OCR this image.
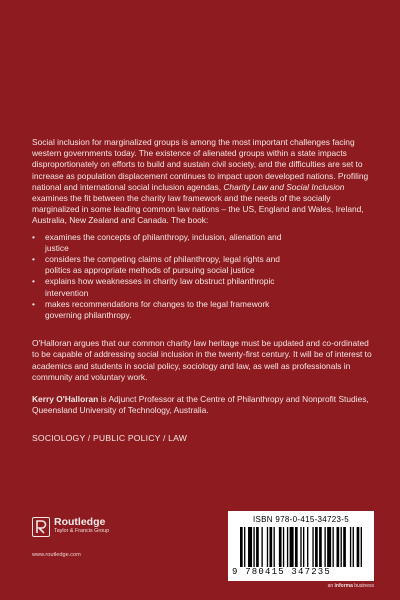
Social inclusion for marginalized groups is among the most important challenges facing western governments today. The existence of alienated groups within a state impacts disproportionately on efforts to build and sustain civil society, and the difficulties are set to increase as population displacement continues to impact upon developed nations. Profiling national and international social inclusion agendas, Charity Law and Social Inclusion examines the fit between the charity law framework and the needs of the socially marginalized in some leading common law nations – the US, England and Wales, Ireland, Australia, New Zealand and Canada. The book:

• examines the concepts of philanthropy, inclusion, alienation and justice
• considers the competing claims of philanthropy, legal rights and politics as appropriate methods of pursuing social justice
• explains how weaknesses in charity law obstruct philanthropic intervention
• makes recommendations for changes to the legal framework governing philanthropy.

O'Halloran argues that our common charity law heritage must be updated and co-ordinated to be capable of addressing social inclusion in the twenty-first century. It will be of interest to academics and students in social policy, sociology and law, as well as professionals in community and voluntary work.

Kerry O'Halloran is Adjunct Professor at the Centre of Philanthropy and Nonprofit Studies, Queensland University of Technology, Australia.

SOCIOLOGY / PUBLIC POLICY / LAW

Routledge
Taylor & Francis Group
www.routledge.com
ISBN 978-0-415-34723-5
9 780415 347235
an informa business
